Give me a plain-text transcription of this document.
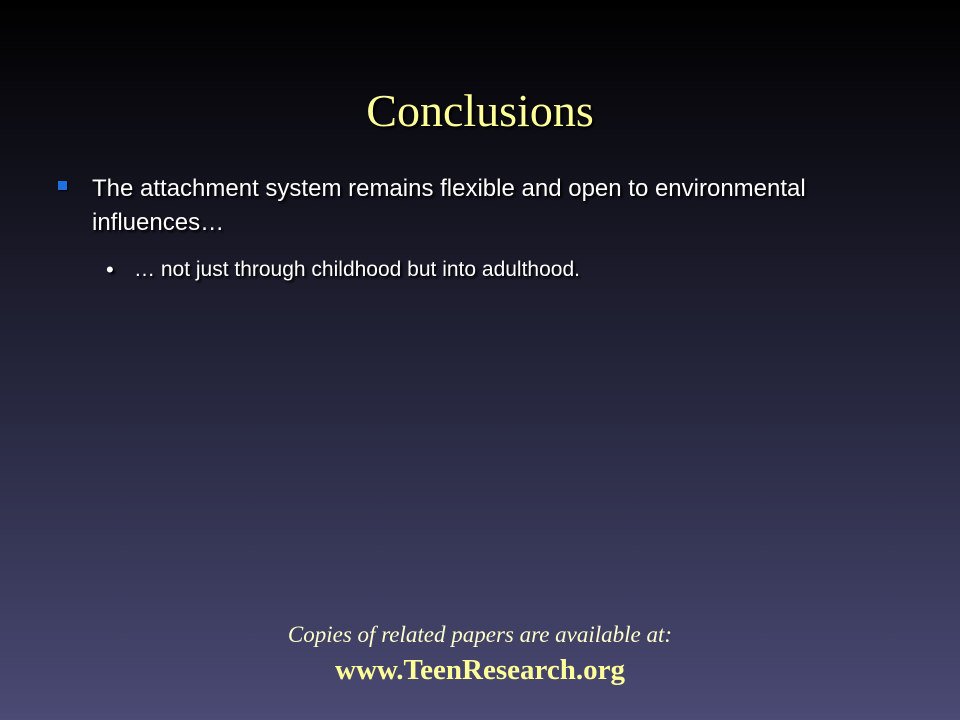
Conclusions
The attachment system remains flexible and open to environmental influences…
• … not just through childhood but into adulthood.
Copies of related papers are available at:
www.TeenResearch.org
